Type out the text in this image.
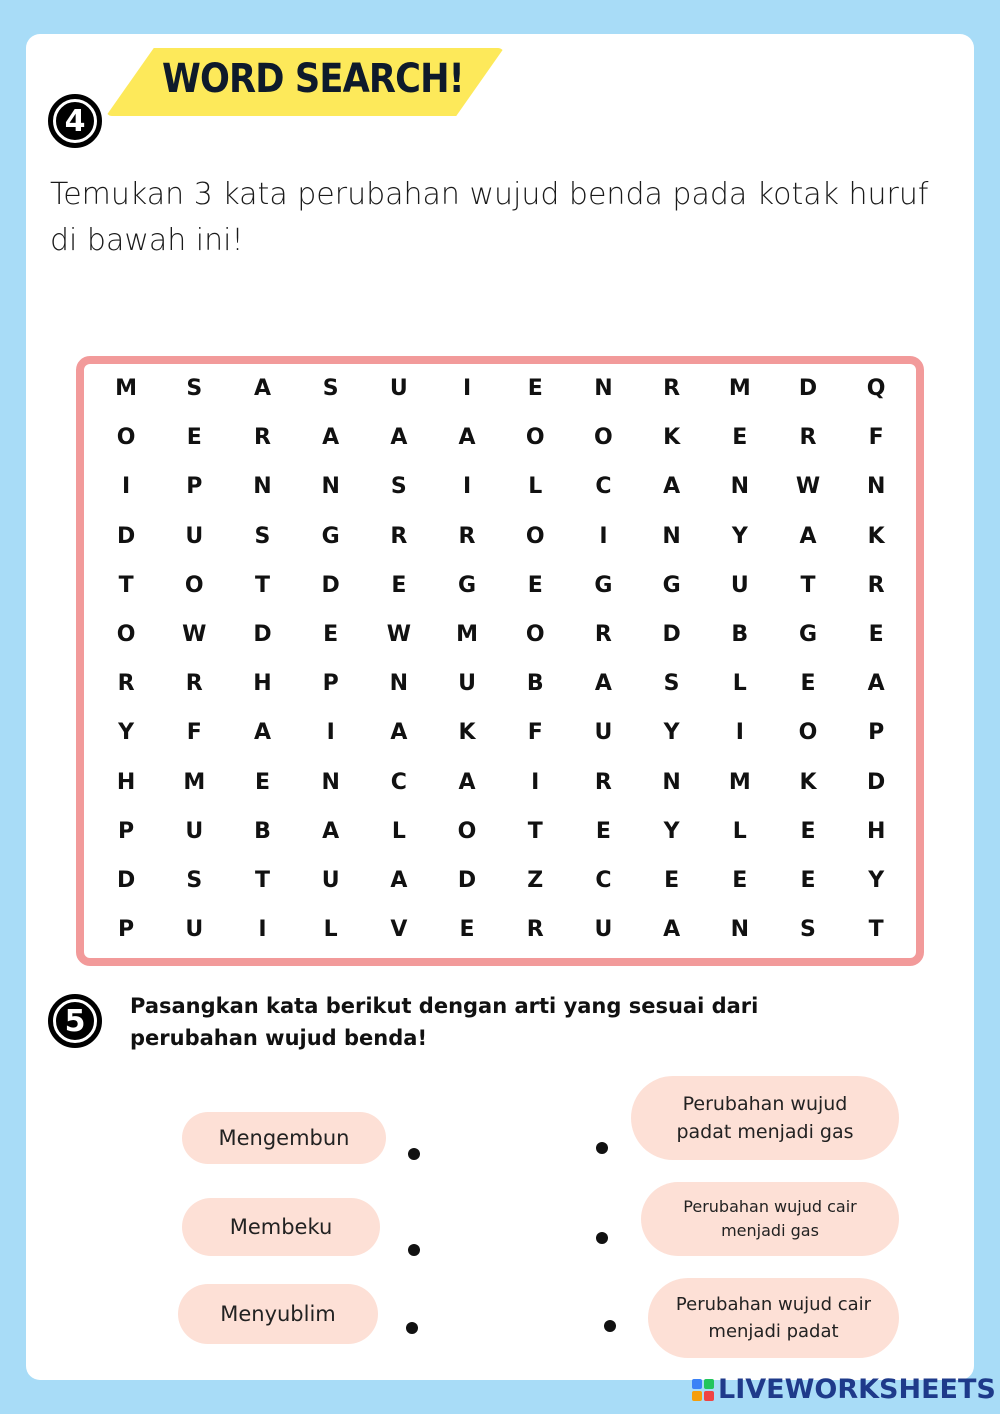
4
WORD SEARCH!
Temukan 3 kata perubahan wujud benda pada kotak huruf di bawah ini!
M	S	A	S	U	I	E	N	R	M	D	Q
O	E	R	A	A	A	O	O	K	E	R	F
I	P	N	N	S	I	L	C	A	N	W	N
D	U	S	G	R	R	O	I	N	Y	A	K
T	O	T	D	E	G	E	G	G	U	T	R
O	W	D	E	W	M	O	R	D	B	G	E
R	R	H	P	N	U	B	A	S	L	E	A
Y	F	A	I	A	K	F	U	Y	I	O	P
H	M	E	N	C	A	I	R	N	M	K	D
P	U	B	A	L	O	T	E	Y	L	E	H
D	S	T	U	A	D	Z	C	E	E	E	Y
P	U	I	L	V	E	R	U	A	N	S	T
5	Pasangkan kata berikut dengan arti yang sesuai dari perubahan wujud benda!
Mengembun
Membeku
Menyublim
Perubahan wujud padat menjadi gas
Perubahan wujud cair menjadi gas
Perubahan wujud cair menjadi padat
LIVEWORKSHEETS
